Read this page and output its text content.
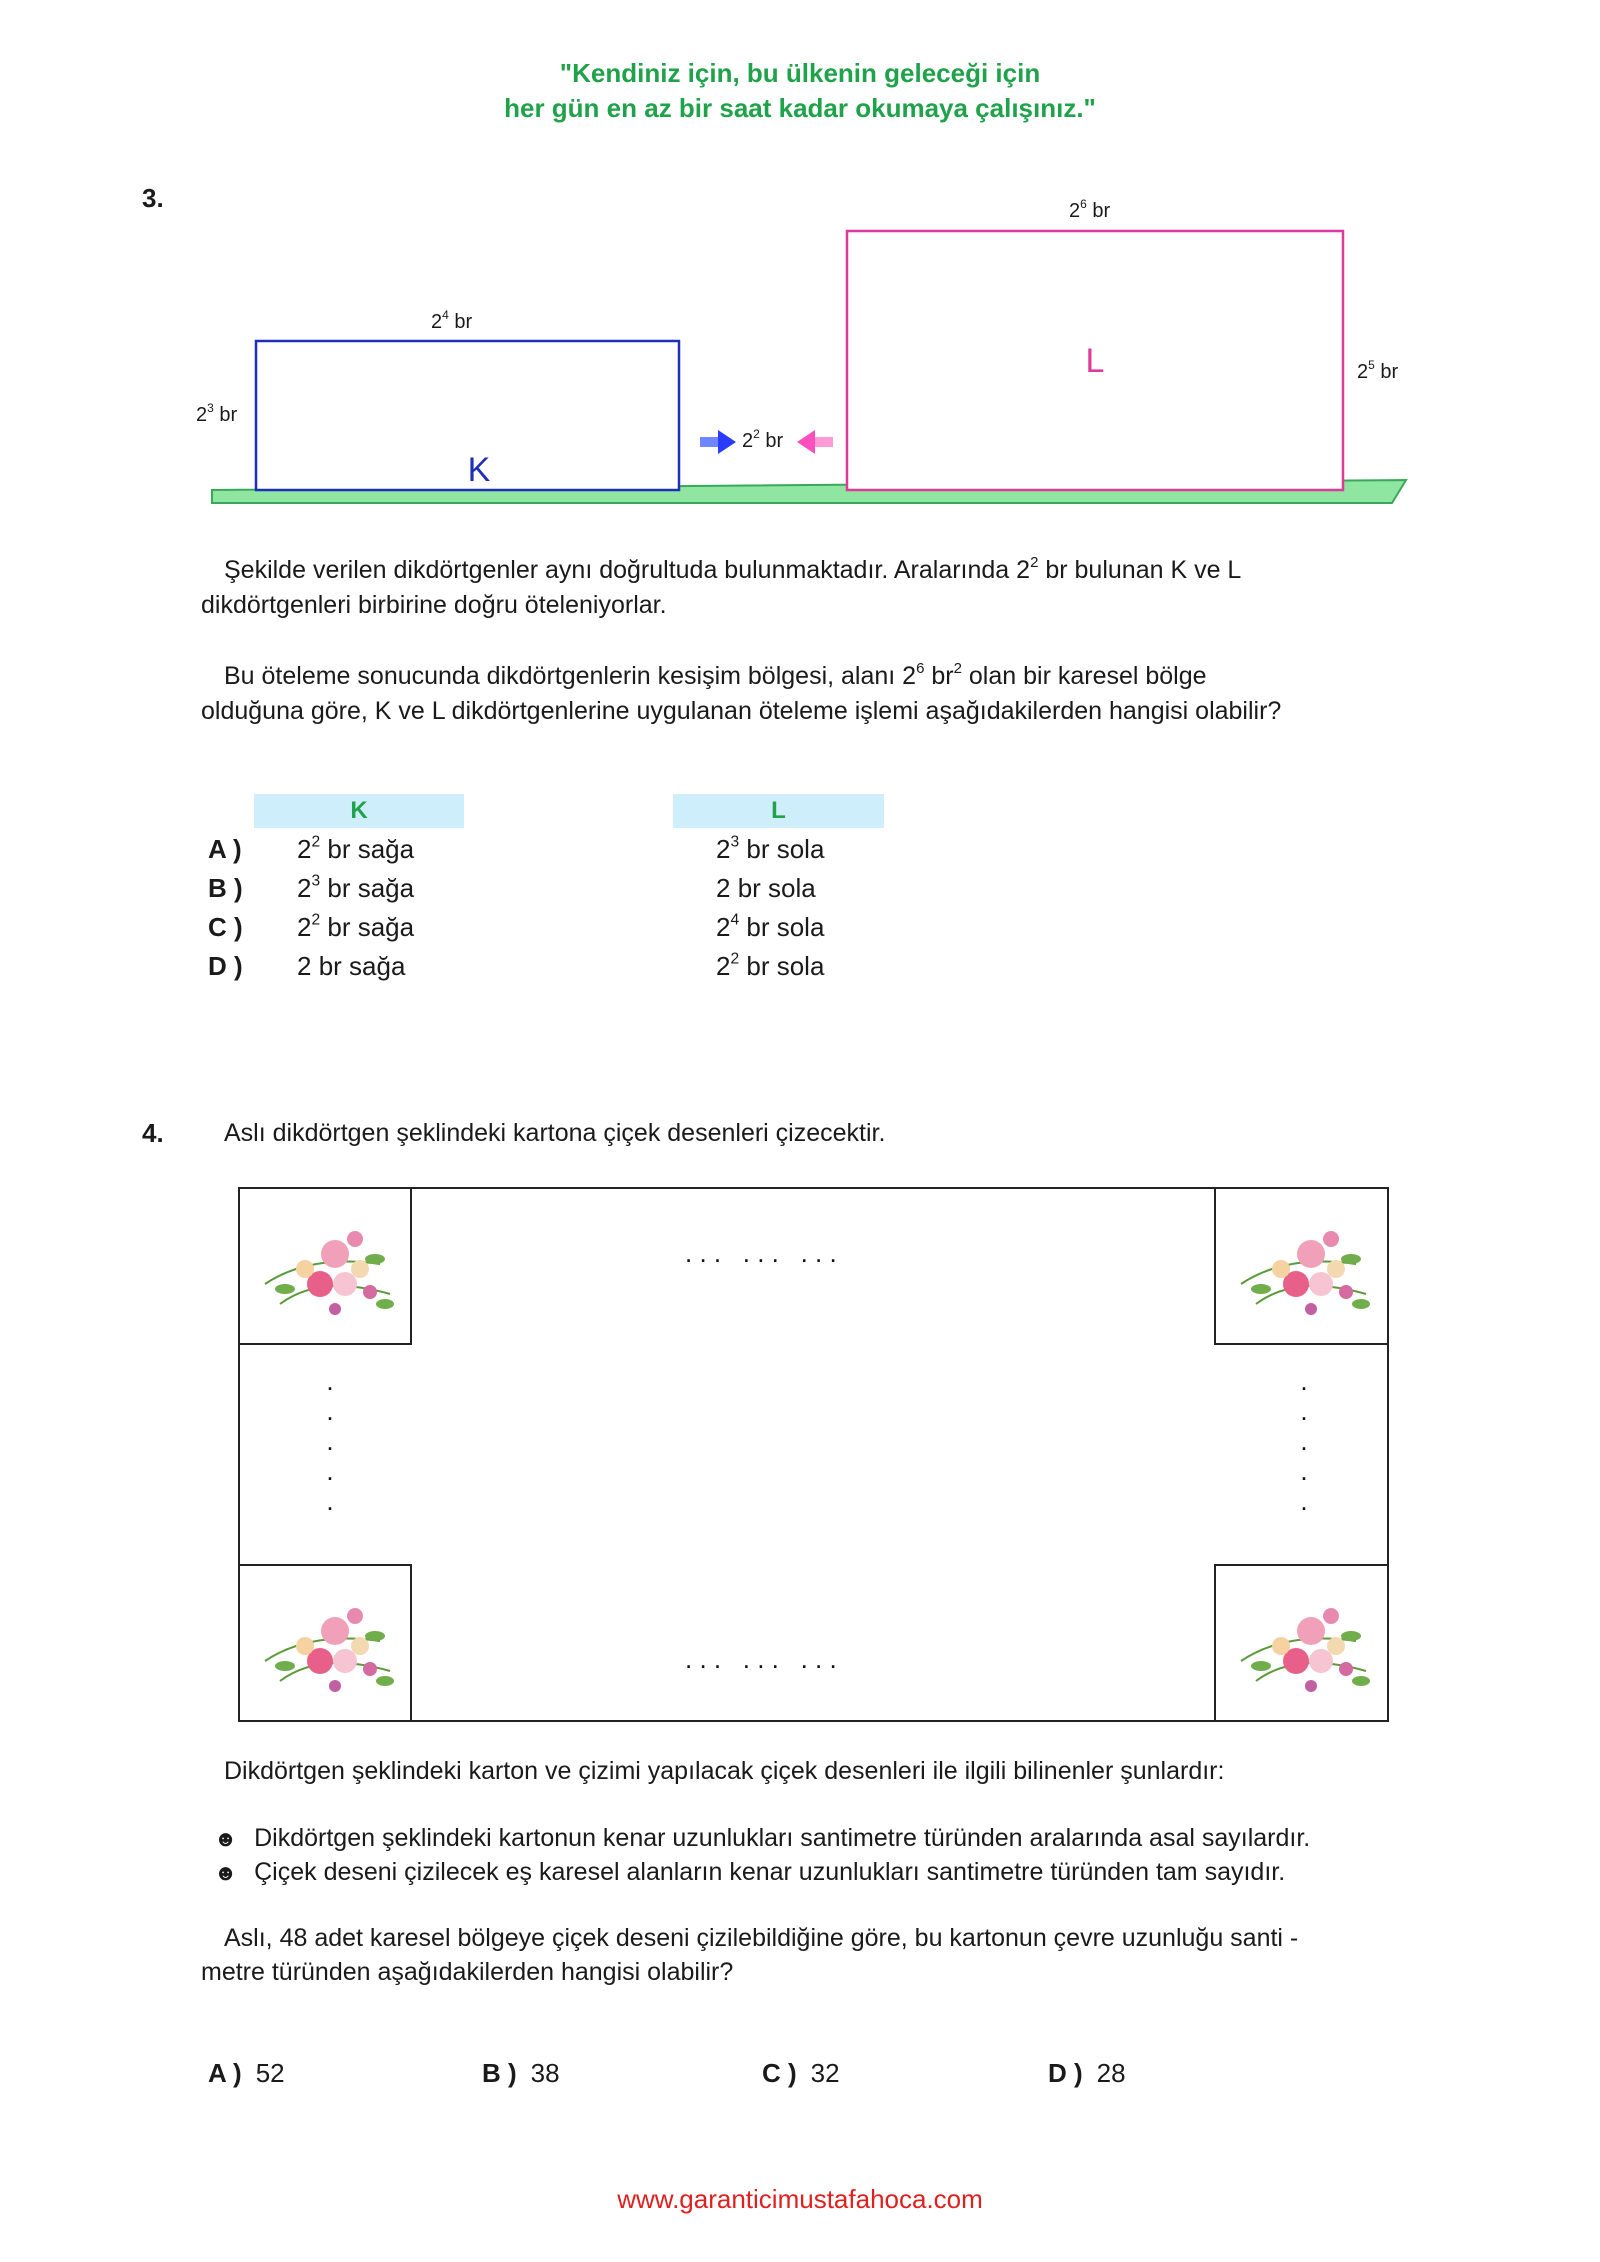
"Kendiniz için, bu ülkenin geleceği için
her gün en az bir saat kadar okumaya çalışınız."
3.
K
L
$2^4$ br
$2^3$ br
$2^6$ br
$2^5$ br
$2^2$ br
Şekilde verilen dikdörtgenler aynı doğrultuda bulunmaktadır. Aralarında $2^2$ br bulunan K ve L
dikdörtgenleri birbirine doğru öteleniyorlar.
Bu öteleme sonucunda dikdörtgenlerin kesişim bölgesi, alanı $2^6$ $br^2$ olan bir karesel bölge
olduğuna göre, K ve L dikdörtgenlerine uygulanan öteleme işlemi aşağıdakilerden hangisi olabilir?
K	L
A ) $2^2$ br sağa	$2^3$ br sola
B ) $2^3$ br sağa	2 br sola
C ) $2^2$ br sağa	$2^4$ br sola
D ) 2 br sağa	$2^2$ br sola
4. Aslı dikdörtgen şeklindeki kartona çiçek desenleri çizecektir.
. . .   . . .   . . .
. . .   . . .   . . .
.
.
.
.
.
.
.
.
.
.
Dikdörtgen şeklindeki karton ve çizimi yapılacak çiçek desenleri ile ilgili bilinenler şunlardır:
☻ Dikdörtgen şeklindeki kartonun kenar uzunlukları santimetre türünden aralarında asal sayılardır.
☻ Çiçek deseni çizilecek eş karesel alanların kenar uzunlukları santimetre türünden tam sayıdır.
Aslı, 48 adet karesel bölgeye çiçek deseni çizilebildiğine göre, bu kartonun çevre uzunluğu santi -
metre türünden aşağıdakilerden hangisi olabilir?
A ) 52	B ) 38	C ) 32	D ) 28
www.garanticimustafahoca.com
